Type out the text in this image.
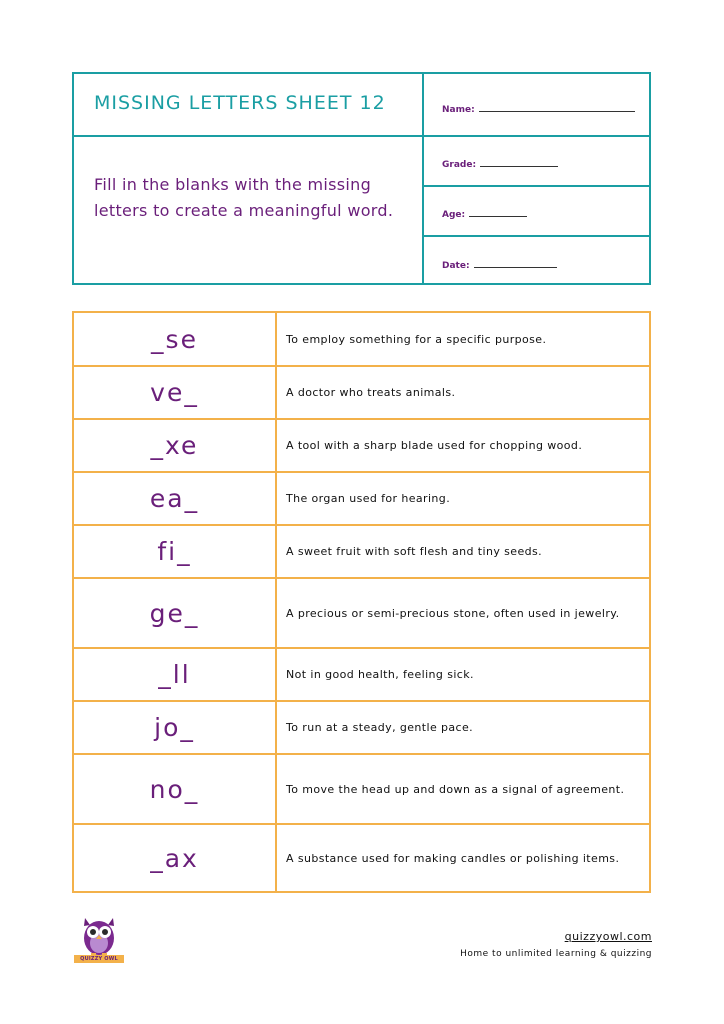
MISSING LETTERS SHEET 12
Fill in the blanks with the missing letters to create a meaningful word.
Name:
Grade:
Age:
Date:
_se	To employ something for a specific purpose.
ve_	A doctor who treats animals.
_xe	A tool with a sharp blade used for chopping wood.
ea_	The organ used for hearing.
fi_	A sweet fruit with soft flesh and tiny seeds.
ge_	A precious or semi-precious stone, often used in jewelry.
_ll	Not in good health, feeling sick.
jo_	To run at a steady, gentle pace.
no_	To move the head up and down as a signal of agreement.
_ax	A substance used for making candles or polishing items.
QUIZZY OWL
quizzyowl.com
Home to unlimited learning & quizzing
